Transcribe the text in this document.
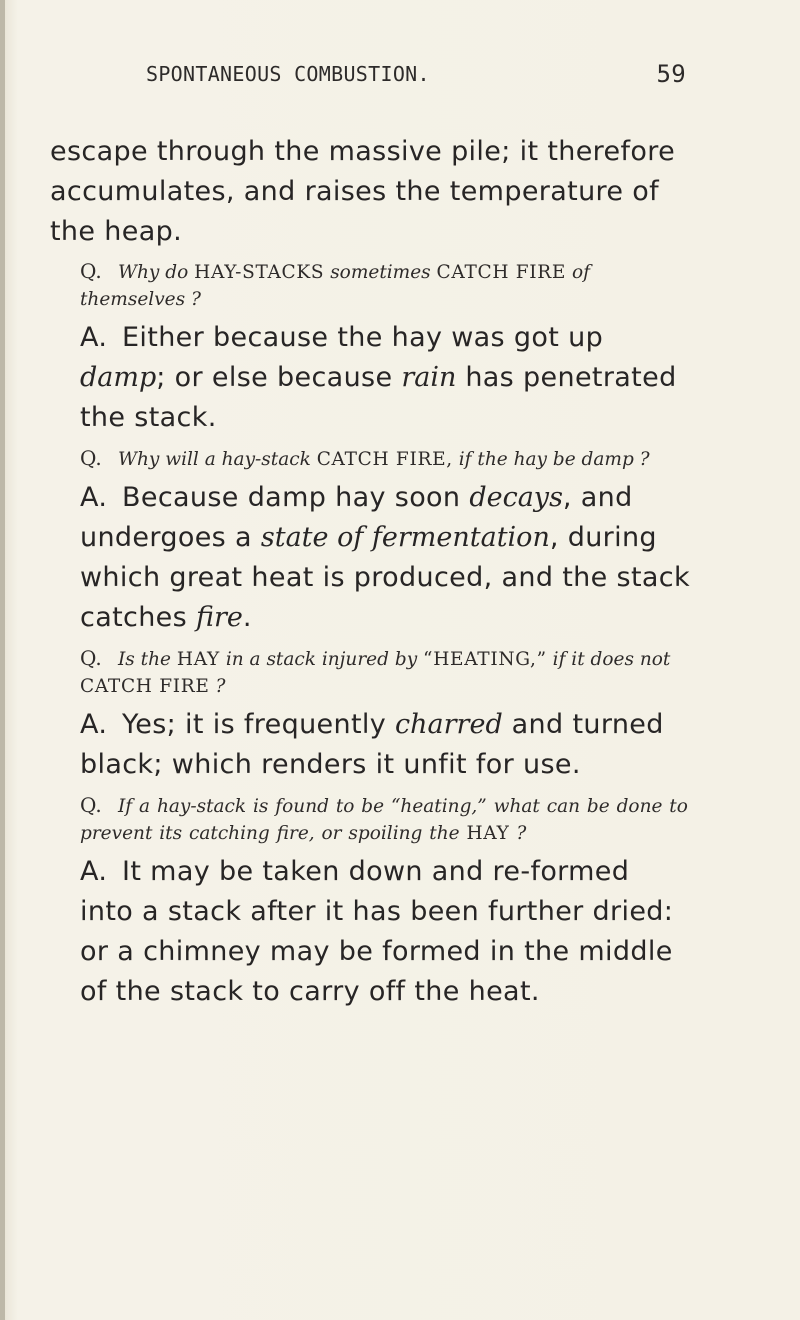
SPONTANEOUS COMBUSTION.	59

escape through the massive pile; it therefore accumulates, and raises the temperature of the heap.

Q. Why do HAY-STACKS sometimes CATCH FIRE of themselves ?

A. Either because the hay was got up damp; or else because rain has penetrated the stack.

Q. Why will a hay-stack CATCH FIRE, if the hay be damp ?

A. Because damp hay soon decays, and undergoes a state of fermentation, during which great heat is produced, and the stack catches fire.

Q. Is the HAY in a stack injured by “HEATING,” if it does not CATCH FIRE ?

A. Yes; it is frequently charred and turned black; which renders it unfit for use.

Q. If a hay-stack is found to be “heating,” what can be done to prevent its catching fire, or spoiling the HAY ?

A. It may be taken down and re-formed into a stack after it has been further dried: or a chimney may be formed in the middle of the stack to carry off the heat.
